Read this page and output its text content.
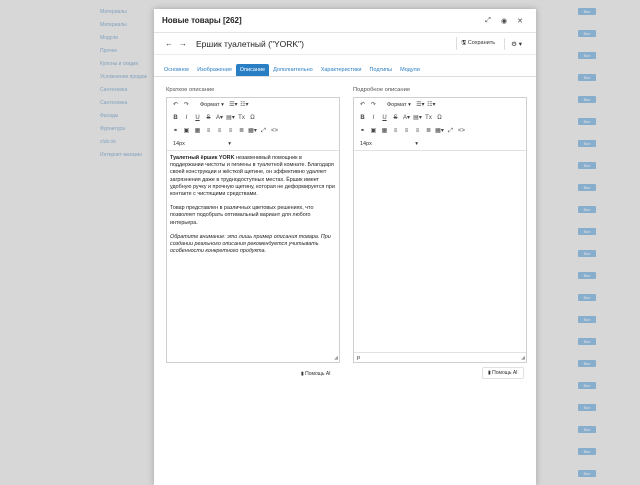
Новые товары [262]	⤢	◉	✕
← →	Ершик туалетный ("YORK")	🖫 Сохранить	⚙ ▾
Основное	Изображения	Описание	Дополнительно	Характеристики	Подтипы	Модули
Краткое описание	Подробное описание
↶ ↷	Формат ▾ ☰▾ ☷▾
B	I	U	S A▾ ▤▾ Tx Ω
⚭ ▣ ▦	≡	≡	≡	≣ ▦▾ ⤢ <>
14px	▾

Туалетный ёршик YORK незаменимый помощник в поддержании чистоты и гигиены в туалетной комнате. Благодаря своей конструкции и жёсткой щетине, он эффективно удаляет загрязнения даже в труднодоступных местах. Ёршик имеет удобную ручку и прочную щетину, которая не деформируется при контакте с чистящими средствами.

Товар представлен в различных цветовых решениях, что позволяет подобрать оптимальный вариант для любого интерьера.

Обратите внимание: это лишь пример описания товара. При создании реального описания рекомендуется учитывать особенности конкретного продукта.

◢
↶ ↷	Формат ▾ ☰▾ ☷▾
B	I	U	S A▾ ▤▾ Tx Ω
⚭ ▣ ▦	≡	≡	≡	≣ ▦▾ ⤢ <>
14px	▾
p	◢
▮ Помощь AI	▮ Помощь AI
